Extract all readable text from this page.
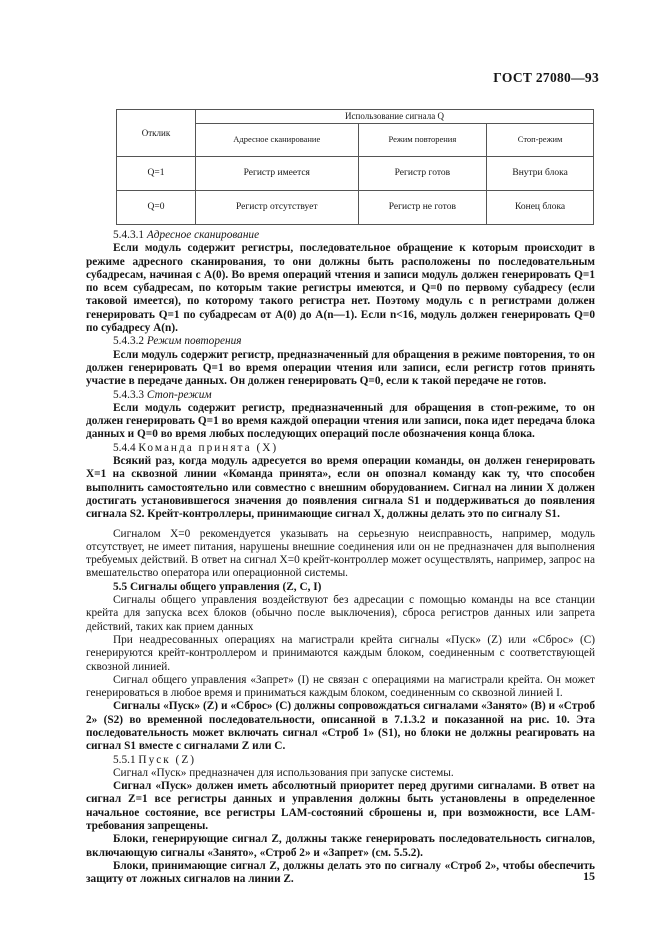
ГОСТ 27080—93
Отклик	Использование сигнала Q		
	Адресное сканирование	Режим повторения	Стоп-режим
Q=1	Регистр имеется	Регистр готов	Внутри блока
Q=0	Регистр отсутствует	Регистр не готов	Конец блока

5.4.3.1 Адресное сканирование

Если модуль содержит регистры, последовательное обращение к которым происходит в режиме адресного сканирования, то они должны быть расположены по последовательным субадресам, начиная с A(0). Во время операций чтения и записи модуль должен генерировать Q=1 по всем субадресам, по которым такие регистры имеются, и Q=0 по первому субадресу (если таковой имеется), по которому такого регистра нет. Поэтому модуль с n регистрами должен генерировать Q=1 по субадресам от A(0) до A(n—1). Если n<16, модуль должен генерировать Q=0 по субадресу A(n).

5.4.3.2 Режим повторения

Если модуль содержит регистр, предназначенный для обращения в режиме повторения, то он должен генерировать Q=1 во время операции чтения или записи, если регистр готов принять участие в передаче данных. Он должен генерировать Q=0, если к такой передаче не готов.

5.4.3.3 Стоп-режим

Если модуль содержит регистр, предназначенный для обращения в стоп-режиме, то он должен генерировать Q=1 во время каждой операции чтения или записи, пока идет передача блока данных и Q=0 во время любых последующих операций после обозначения конца блока.

5.4.4 Команда принята (X)

Всякий раз, когда модуль адресуется во время операции команды, он должен генерировать X=1 на сквозной линии «Команда принята», если он опознал команду как ту, что способен выполнить самостоятельно или совместно с внешним оборудованием. Сигнал на линии X должен достигать установившегося значения до появления сигнала S1 и поддерживаться до появления сигнала S2. Крейт-контроллеры, принимающие сигнал X, должны делать это по сигналу S1.

Сигналом X=0 рекомендуется указывать на серьезную неисправность, например, модуль отсутствует, не имеет питания, нарушены внешние соединения или он не предназначен для выполнения требуемых действий. В ответ на сигнал X=0 крейт-контроллер может осуществлять, например, запрос на вмешательство оператора или операционной системы.

5.5 Сигналы общего управления (Z, C, I)

Сигналы общего управления воздействуют без адресации с помощью команды на все станции крейта для запуска всех блоков (обычно после выключения), сброса регистров данных или запрета действий, таких как прием данных

При неадресованных операциях на магистрали крейта сигналы «Пуск» (Z) или «Сброс» (C) генерируются крейт-контроллером и принимаются каждым блоком, соединенным с соответствующей сквозной линией.

Сигнал общего управления «Запрет» (I) не связан с операциями на магистрали крейта. Он может генерироваться в любое время и приниматься каждым блоком, соединенным со сквозной линией I.

Сигналы «Пуск» (Z) и «Сброс» (C) должны сопровождаться сигналами «Занято» (B) и «Строб 2» (S2) во временной последовательности, описанной в 7.1.3.2 и показанной на рис. 10. Эта последовательность может включать сигнал «Строб 1» (S1), но блоки не должны реагировать на сигнал S1 вместе с сигналами Z или C.

5.5.1 Пуск (Z)

Сигнал «Пуск» предназначен для использования при запуске системы.

Сигнал «Пуск» должен иметь абсолютный приоритет перед другими сигналами. В ответ на сигнал Z=1 все регистры данных и управления должны быть установлены в определенное начальное состояние, все регистры LAM-состояний сброшены и, при возможности, все LAM-требования запрещены.

Блоки, генерирующие сигнал Z, должны также генерировать последовательность сигналов, включающую сигналы «Занято», «Строб 2» и «Запрет» (см. 5.5.2).

Блоки, принимающие сигнал Z, должны делать это по сигналу «Строб 2», чтобы обеспечить защиту от ложных сигналов на линии Z.	15
